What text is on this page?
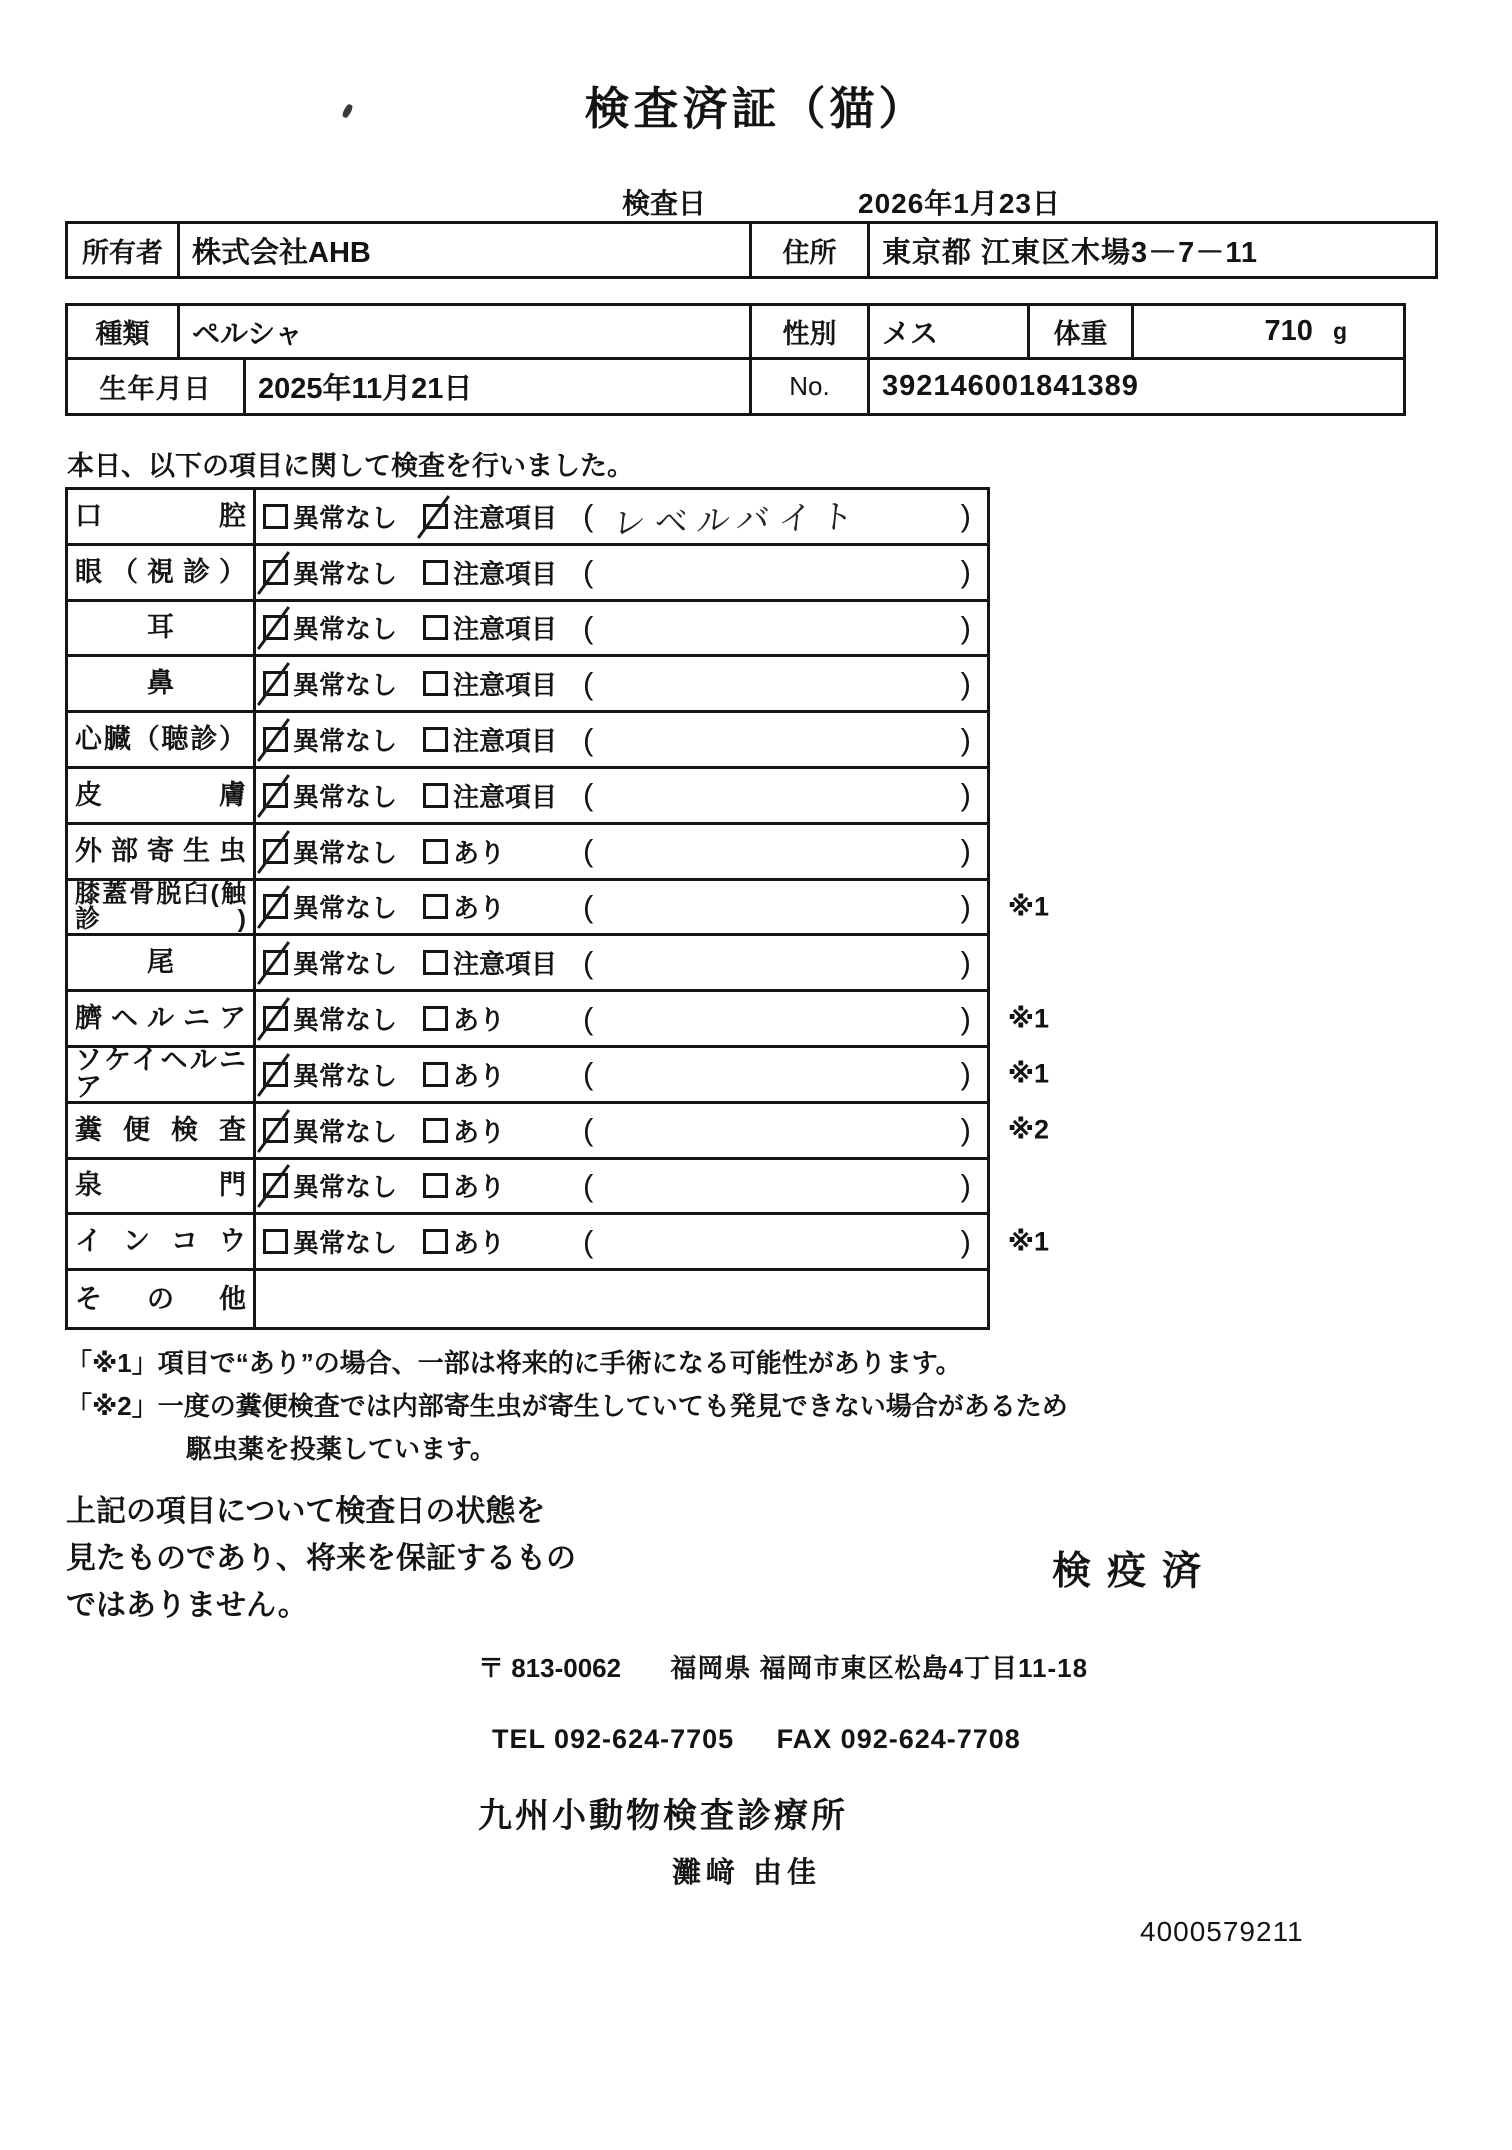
検査済証（猫）
検査日	2026年1月23日
所有者	株式会社AHB	住所	東京都 江東区木場3－7－11
種類	ペルシャ	性別	メス	体重	710 g
生年月日	2025年11月21日	No.	392146001841389
本日、以下の項目に関して検査を行いました。
口腔 異常なし 注意項目 ( レベルバイト	)
眼（視診） 異常なし 注意項目 (	)
耳	異常なし 注意項目 (	)
鼻	異常なし 注意項目 (	)
心臓（聴診） 異常なし 注意項目 (	)
皮膚 異常なし 注意項目 (	)
外部寄生虫 異常なし あり	(	)
膝蓋骨脱臼(触診) 異常なし あり	(	) ※1
尾	異常なし 注意項目 (	)
臍ヘルニア 異常なし あり	(	) ※1
ソケイヘルニア	異常なし あり	(	) ※1
糞便検査 異常なし あり	(	) ※2
泉門 異常なし あり	(	)
インコウ 異常なし あり	(	) ※1
その他
「※1」項目で“あり”の場合、一部は将来的に手術になる可能性があります。
「※2」一度の糞便検査では内部寄生虫が寄生していても発見できない場合があるため
駆虫薬を投薬しています。
上記の項目について検査日の状態を
見たものであり、将来を保証するもの
ではありません。
検疫済
〒 813-0062 福岡県 福岡市東区松島4丁目11-18
TEL 092-624-7705 FAX 092-624-7708
九州小動物検査診療所
灘﨑 由佳
4000579211
